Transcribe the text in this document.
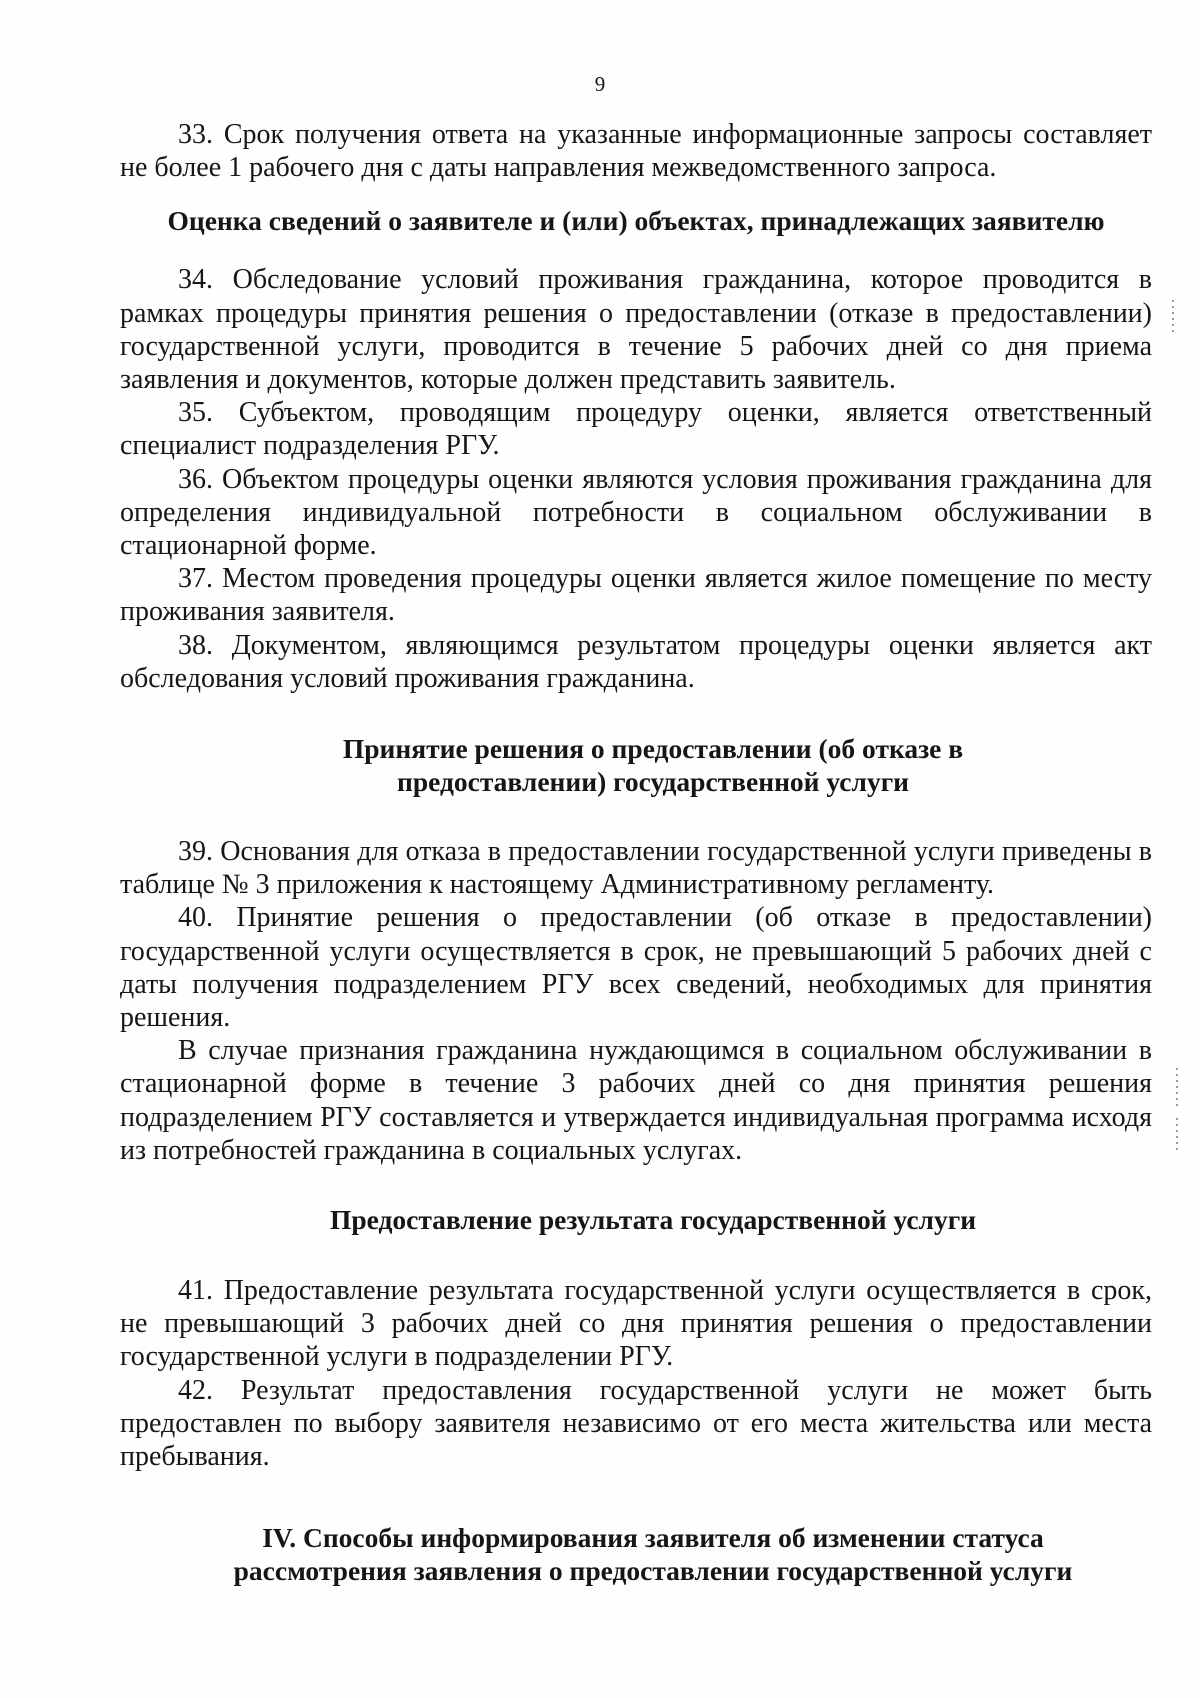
9

33. Срок получения ответа на указанные информационные запросы составляет не более 1 рабочего дня с даты направления межведомственного запроса.

Оценка сведений о заявителе и (или) объектах, принадлежащих заявителю

34. Обследование условий проживания гражданина, которое проводится в рамках процедуры принятия решения о предоставлении (отказе в предоставлении) государственной услуги, проводится в течение 5 рабочих дней со дня приема заявления и документов, которые должен представить заявитель.

35. Субъектом, проводящим процедуру оценки, является ответственный специалист подразделения РГУ.

36. Объектом процедуры оценки являются условия проживания гражданина для определения индивидуальной потребности в социальном обслуживании в стационарной форме.

37. Местом проведения процедуры оценки является жилое помещение по месту проживания заявителя.

38. Документом, являющимся результатом процедуры оценки является акт обследования условий проживания гражданина.

Принятие решения о предоставлении (об отказе в
предоставлении) государственной услуги

39. Основания для отказа в предоставлении государственной услуги приведены в таблице № 3 приложения к настоящему Административному регламенту.

40. Принятие решения о предоставлении (об отказе в предоставлении) государственной услуги осуществляется в срок, не превышающий 5 рабочих дней с даты получения подразделением РГУ всех сведений, необходимых для принятия решения.

В случае признания гражданина нуждающимся в социальном обслуживании в стационарной форме в течение 3 рабочих дней со дня принятия решения подразделением РГУ составляется и утверждается индивидуальная программа исходя из потребностей гражданина в социальных услугах.

Предоставление результата государственной услуги

41. Предоставление результата государственной услуги осуществляется в срок, не превышающий 3 рабочих дней со дня принятия решения о предоставлении государственной услуги в подразделении РГУ.

42. Результат предоставления государственной услуги не может быть предоставлен по выбору заявителя независимо от его места жительства или места пребывания.

IV. Способы информирования заявителя об изменении статуса
рассмотрения заявления о предоставлении государственной услуги
